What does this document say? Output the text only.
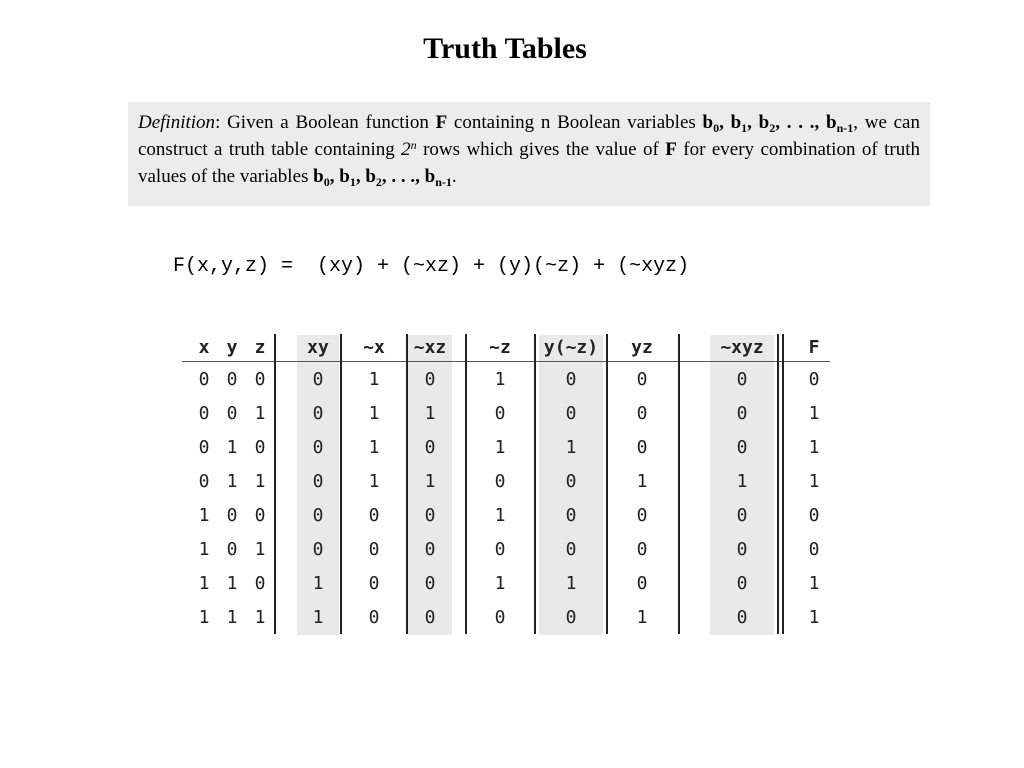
Truth Tables
Definition: Given a Boolean function F containing n Boolean variables $b_0$, $b_1$, $b_2$, . . ., $b_{n-1}$, we can construct a truth table containing 2$^n$ rows which gives the value of F for every combination of truth values of the variables $b_0$, $b_1$, $b_2$, . . ., $b_{n-1}$.
F(x,y,z) =  (xy) + (~xz) + (y)(~z) + (~xyz)
x y z	xy	~x	~xz	~z	y(~z)	yz	~xyz	F
0 0 0	0	1	0	1	0	0	0	0
0 0 1	0	1	1	0	0	0	0	1
0 1 0	0	1	0	1	1	0	0	1
0 1 1	0	1	1	0	0	1	1	1
1 0 0	0	0	0	1	0	0	0	0
1 0 1	0	0	0	0	0	0	0	0
1 1 0	1	0	0	1	1	0	0	1
1 1 1	1	0	0	0	0	1	0	1
